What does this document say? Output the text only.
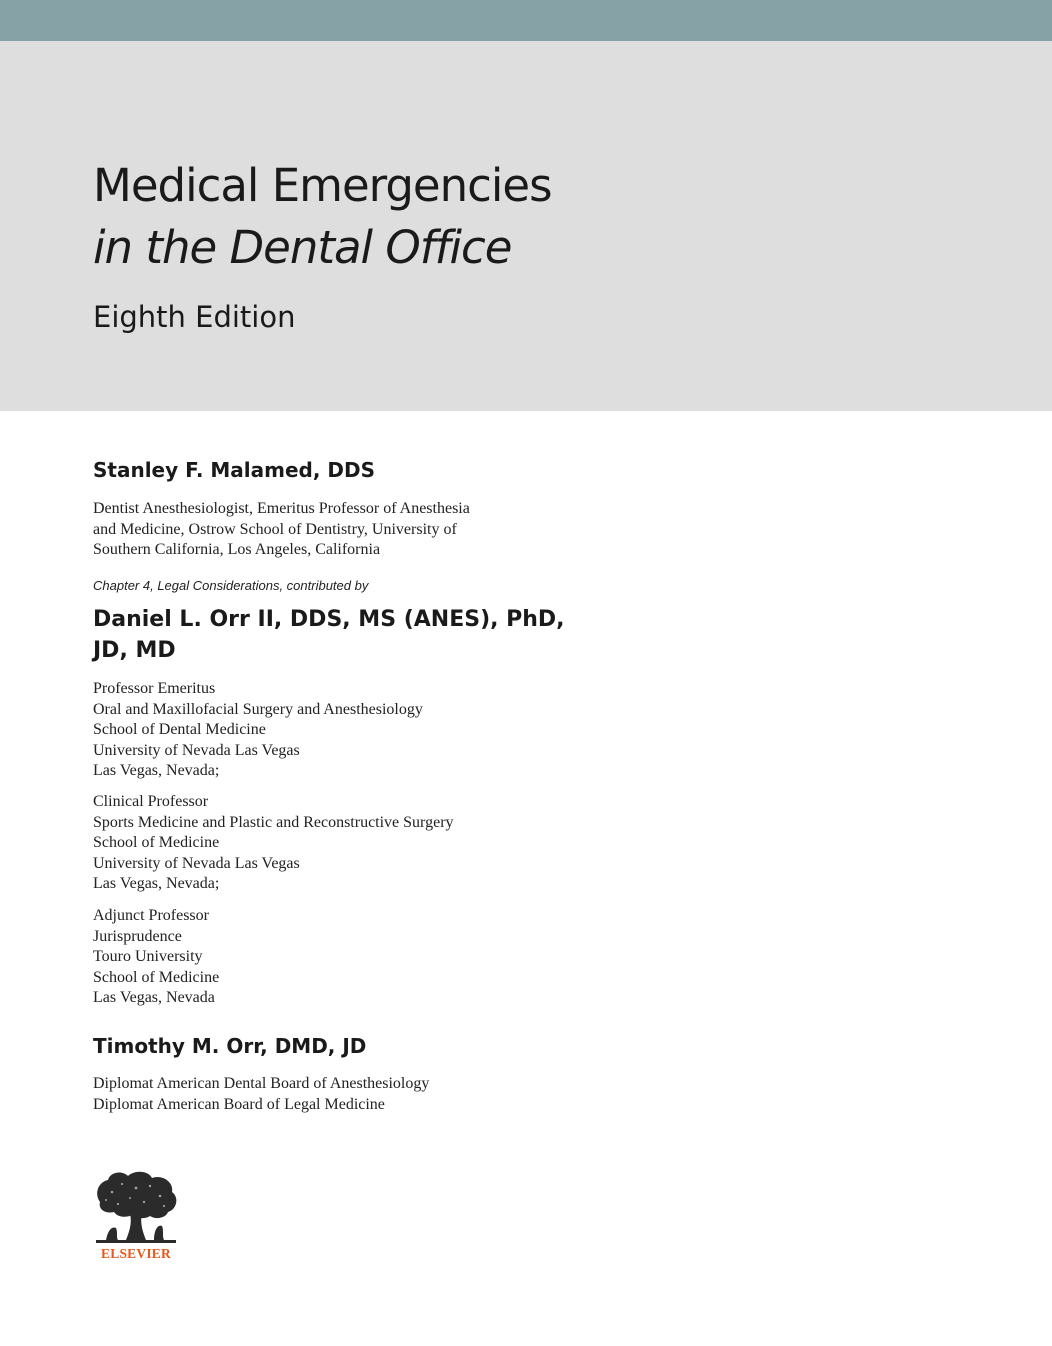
Medical Emergencies
in the Dental Office

Eighth Edition

Stanley F. Malamed, DDS

Dentist Anesthesiologist, Emeritus Professor of Anesthesia
and Medicine, Ostrow School of Dentistry, University of
Southern California, Los Angeles, California

Chapter 4, Legal Considerations, contributed by

Daniel L. Orr II, DDS, MS (ANES), PhD,

JD, MD

Professor Emeritus
Oral and Maxillofacial Surgery and Anesthesiology
School of Dental Medicine
University of Nevada Las Vegas
Las Vegas, Nevada;
Clinical Professor
Sports Medicine and Plastic and Reconstructive Surgery
School of Medicine
University of Nevada Las Vegas
Las Vegas, Nevada;
Adjunct Professor
Jurisprudence
Touro University
School of Medicine
Las Vegas, Nevada

Timothy M. Orr, DMD, JD

Diplomat American Dental Board of Anesthesiology
Diplomat American Board of Legal Medicine
ELSEVIER
